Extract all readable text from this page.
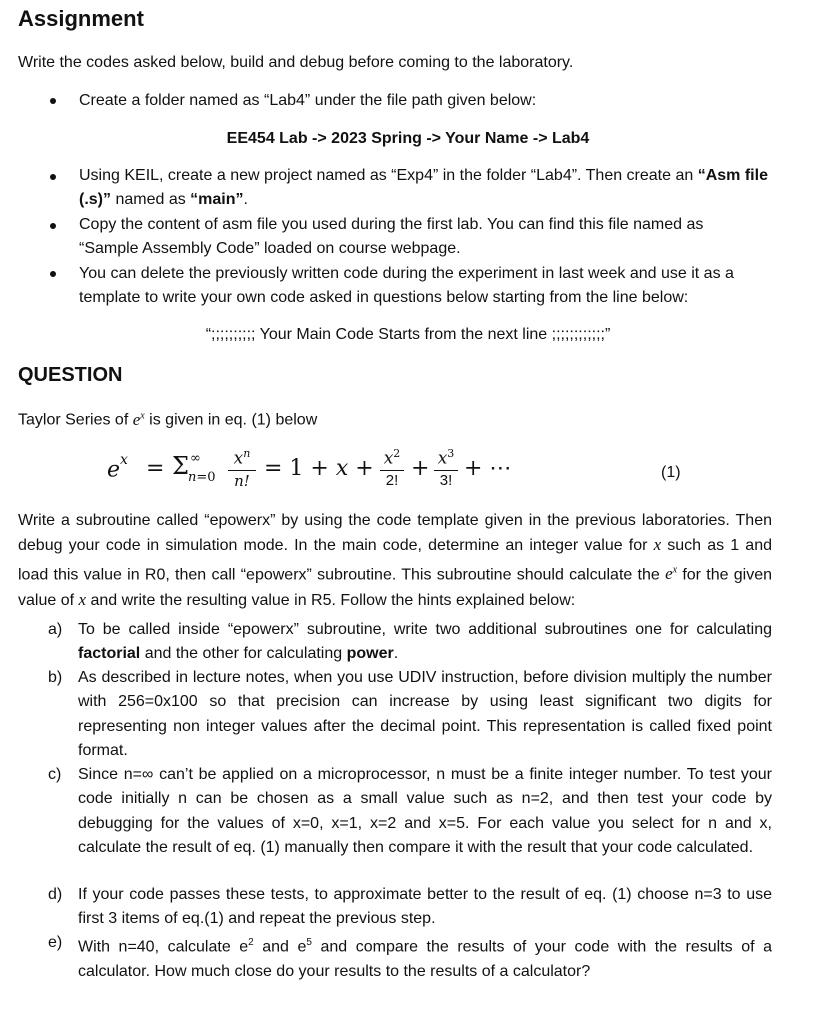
Assignment
Write the codes asked below, build and debug before coming to the laboratory.
Create a folder named as “Lab4” under the file path given below:
EE454 Lab -> 2023 Spring -> Your Name -> Lab4
Using KEIL, create a new project named as “Exp4” in the folder “Lab4”. Then create an “Asm file (.s)” named as “main”.
Copy the content of asm file you used during the first lab. You can find this file named as “Sample Assembly Code” loaded on course webpage.
You can delete the previously written code during the experiment in last week and use it as a template to write your own code asked in questions below starting from the line below:
“;;;;;;;;;; Your Main Code Starts from the next line ;;;;;;;;;;;;”
QUESTION
Taylor Series of $e^x$ is given in eq. (1) below
$e^x = \Sigma$ ∞
n=0
$x^n$
n! = $1 + x + x^2$
2! + $x^3$
3! + ⋯	(1)
Write a subroutine called “epowerx” by using the code template given in the previous laboratories. Then debug your code in simulation mode. In the main code, determine an integer value for x such as 1 and load this value in R0, then call “epowerx” subroutine. This subroutine should calculate the $e^x$ for the given value of x and write the resulting value in R5. Follow the hints explained below:
a) To be called inside “epowerx” subroutine, write two additional subroutines one for calculating factorial and the other for calculating power.
b) As described in lecture notes, when you use UDIV instruction, before division multiply the number with 256=0x100 so that precision can increase by using least significant two digits for representing non integer values after the decimal point. This representation is called fixed point format.
c) Since n=∞ can’t be applied on a microprocessor, n must be a finite integer number. To test your code initially n can be chosen as a small value such as n=2, and then test your code by debugging for the values of x=0, x=1, x=2 and x=5. For each value you select for n and x, calculate the result of eq. (1) manually then compare it with the result that your code calculated.
d) If your code passes these tests, to approximate better to the result of eq. (1) choose n=3 to use first 3 items of eq.(1) and repeat the previous step.
e) With n=40, calculate $e^2$ and $e^5$ and compare the results of your code with the results of a calculator. How much close do your results to the results of a calculator?
